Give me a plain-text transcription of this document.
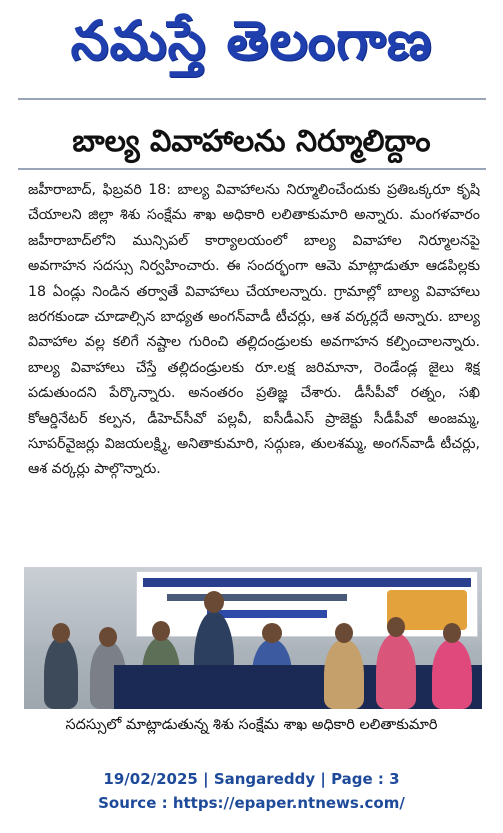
నమస్తే తెలంగాణ
బాల్య వివాహాలను నిర్మూలిద్దాం
జహీరాబాద్, ఫిబ్రవరి 18: బాల్య వివాహాలను నిర్మూలించేందుకు ప్రతిఒక్కరూ కృషి చేయాలని జిల్లా శిశు సంక్షేమ శాఖ అధికారి లలితాకుమారి అన్నారు. మంగళవారం జహీరాబాద్‌లోని మున్సిపల్ కార్యాలయంలో బాల్య వివాహాల నిర్మూలనపై అవగాహన సదస్సు నిర్వహించారు. ఈ సందర్భంగా ఆమె మాట్లాడుతూ ఆడపిల్లకు 18 ఏండ్లు నిండిన తర్వాతే వివాహాలు చేయాలన్నారు. గ్రామాల్లో బాల్య వివాహాలు జరగకుండా చూడాల్సిన బాధ్యత అంగన్‌వాడీ టీచర్లు, ఆశ వర్కర్లదే అన్నారు. బాల్య వివాహాల వల్ల కలిగే నష్టాల గురించి తల్లిదండ్రులకు అవగాహన కల్పించాలన్నారు. బాల్య వివాహాలు చేస్తే తల్లిదండ్రులకు రూ.లక్ష జరిమానా, రెండేండ్ల జైలు శిక్ష పడుతుందని పేర్కొన్నారు. అనంతరం ప్రతిజ్ఞ చేశారు. డీసీపీవో రత్నం, సఖి కోఆర్డినేటర్ కల్పన, డీహెచ్‌సీవో పల్లవీ, ఐసీడీఎస్ ప్రాజెక్టు సీడీపీవో అంజమ్మ, సూపర్‌వైజర్లు విజయలక్ష్మి, అనితాకుమారి, సద్గుణ, తులశమ్మ, అంగన్‌వాడీ టీచర్లు, ఆశ వర్కర్లు పాల్గొన్నారు.
సదస్సులో మాట్లాడుతున్న శిశు సంక్షేమ శాఖ అధికారి లలితాకుమారి
19/02/2025 | Sangareddy | Page : 3
Source : https://epaper.ntnews.com/
